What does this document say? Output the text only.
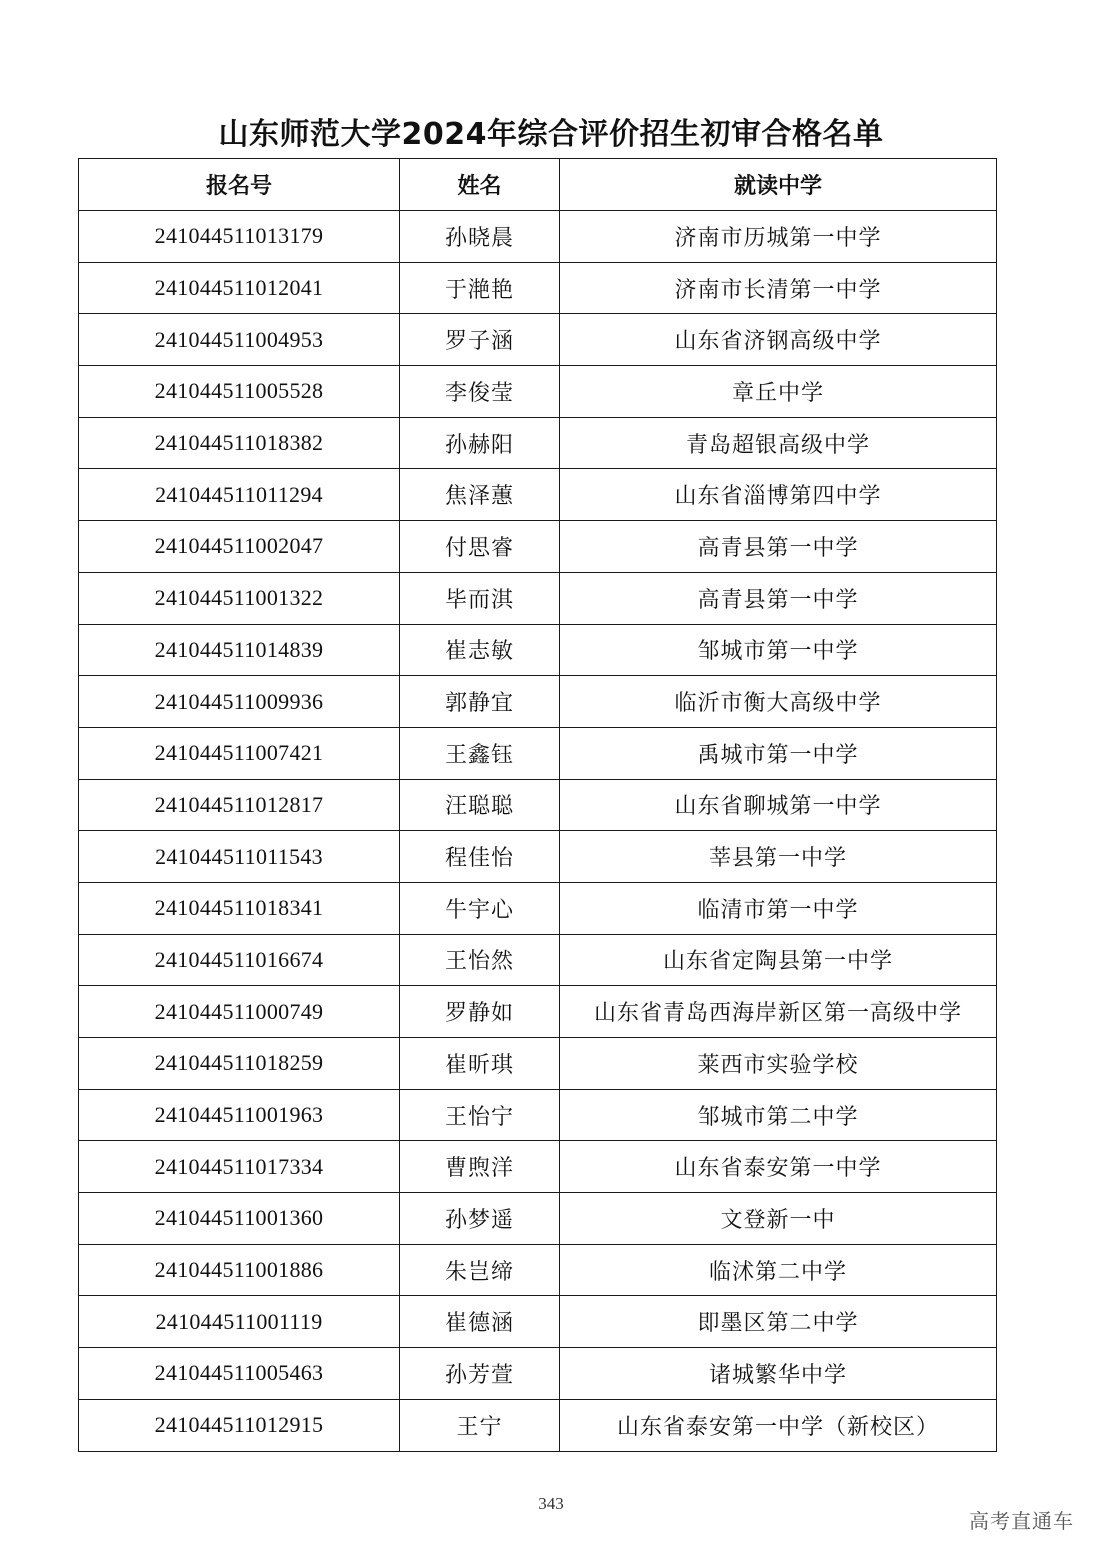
山东师范大学2024年综合评价招生初审合格名单
报名号	姓名	就读中学
241044511013179	孙晓晨	济南市历城第一中学
241044511012041	于滟艳	济南市长清第一中学
241044511004953	罗子涵	山东省济钢高级中学
241044511005528	李俊莹	章丘中学
241044511018382	孙赫阳	青岛超银高级中学
241044511011294	焦泽蕙	山东省淄博第四中学
241044511002047	付思睿	高青县第一中学
241044511001322	毕而淇	高青县第一中学
241044511014839	崔志敏	邹城市第一中学
241044511009936	郭静宜	临沂市衡大高级中学
241044511007421	王鑫钰	禹城市第一中学
241044511012817	汪聪聪	山东省聊城第一中学
241044511011543	程佳怡	莘县第一中学
241044511018341	牛宇心	临清市第一中学
241044511016674	王怡然	山东省定陶县第一中学
241044511000749	罗静如	山东省青岛西海岸新区第一高级中学
241044511018259	崔昕琪	莱西市实验学校
241044511001963	王怡宁	邹城市第二中学
241044511017334	曹煦洋	山东省泰安第一中学
241044511001360	孙梦遥	文登新一中
241044511001886	朱岂缔	临沭第二中学
241044511001119	崔德涵	即墨区第二中学
241044511005463	孙芳萱	诸城繁华中学
241044511012915	王宁	山东省泰安第一中学（新校区）
343
高考直通车
